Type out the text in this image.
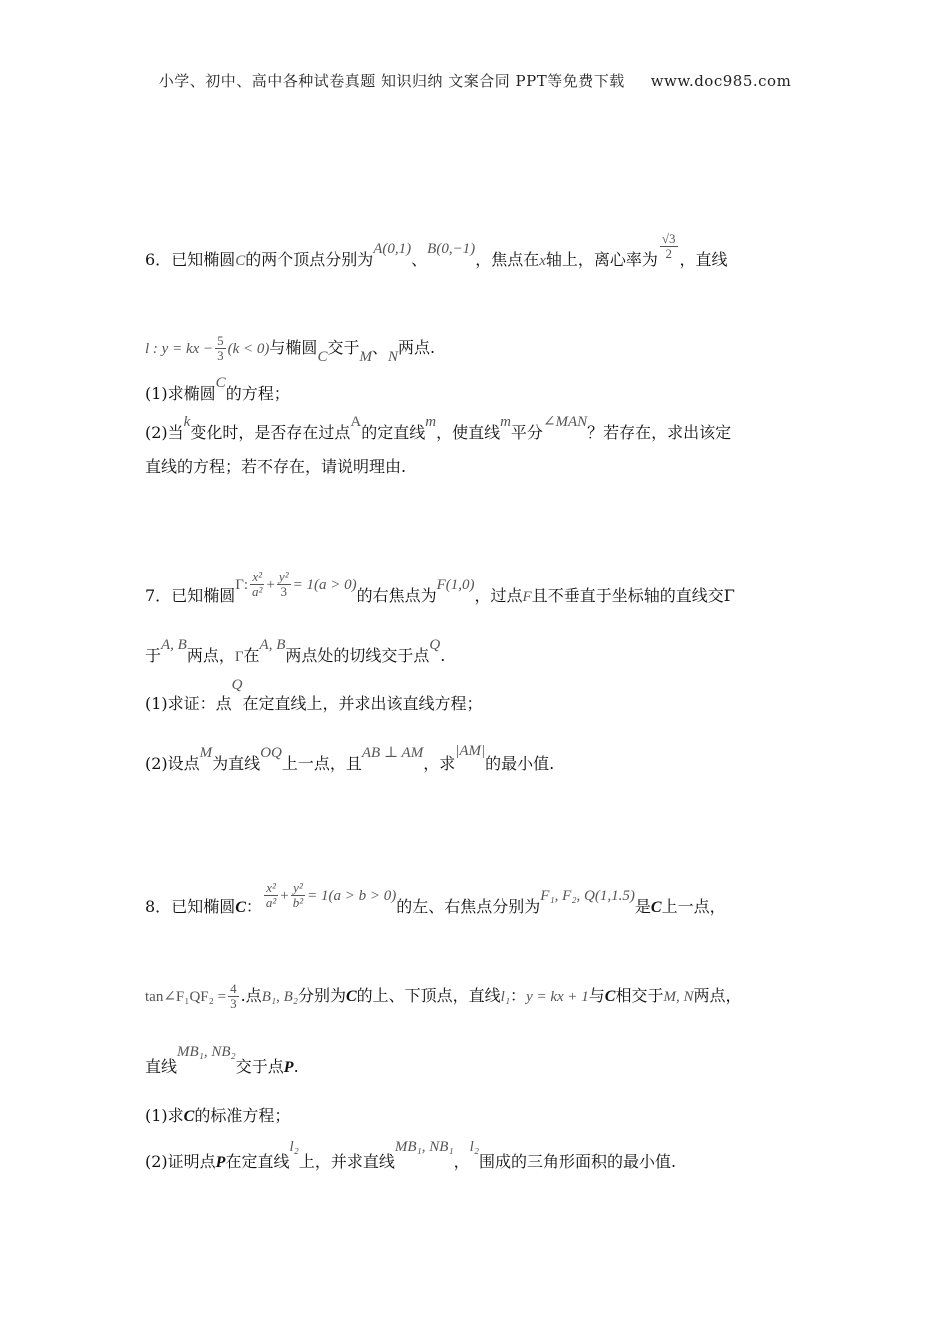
小学、初中、高中各种试卷真题 知识归纳 文案合同 PPT等免费下载 www.doc985.com
6．已知椭圆C的两个顶点分别为A(0,1)、B(0,−1)，焦点在x轴上，离心率为 $\frac{√3}{2}$ ，直线
l : y = kx − $\frac{5}{3} (k < 0)$与椭圆C交于M、N两点.
(1)求椭圆C的方程；
(2)当k变化时，是否存在过点A的定直线m，使直线m平分∠MAN？若存在，求出该定
直线的方程；若不存在，请说明理由.
7．已知椭圆Γ: $\frac{\text{x²}}{\text{a²}} + \frac{\text{y²}}{3} = 1(a > 0)$的右焦点为F(1,0)，过点F且不垂直于坐标轴的直线交Γ
于A, B两点，Γ在A, B两点处的切线交于点Q.
(1)求证：点Q在定直线上，并求出该直线方程；
(2)设点M为直线OQ上一点，且AB ⊥ AM，求|AM|的最小值.
8．已知椭圆C： $\frac{\text{x²}}{\text{a²}} + \frac{\text{y²}}{\text{b²}} = 1(a > b > 0)$的左、右焦点分别为F₁, F₂, Q(1,1.5)是C上一点，
tan∠F₁QF₂ = $\frac{4}{3}$ .点B₁, B₂分别为C的上、下顶点，直线l₁：y = kx + 1与C相交于M, N两点，
直线MB₁, NB₂交于点P.
(1)求C的标准方程；
(2)证明点P在定直线l₂上，并求直线MB₁, NB₁，l₂围成的三角形面积的最小值.
